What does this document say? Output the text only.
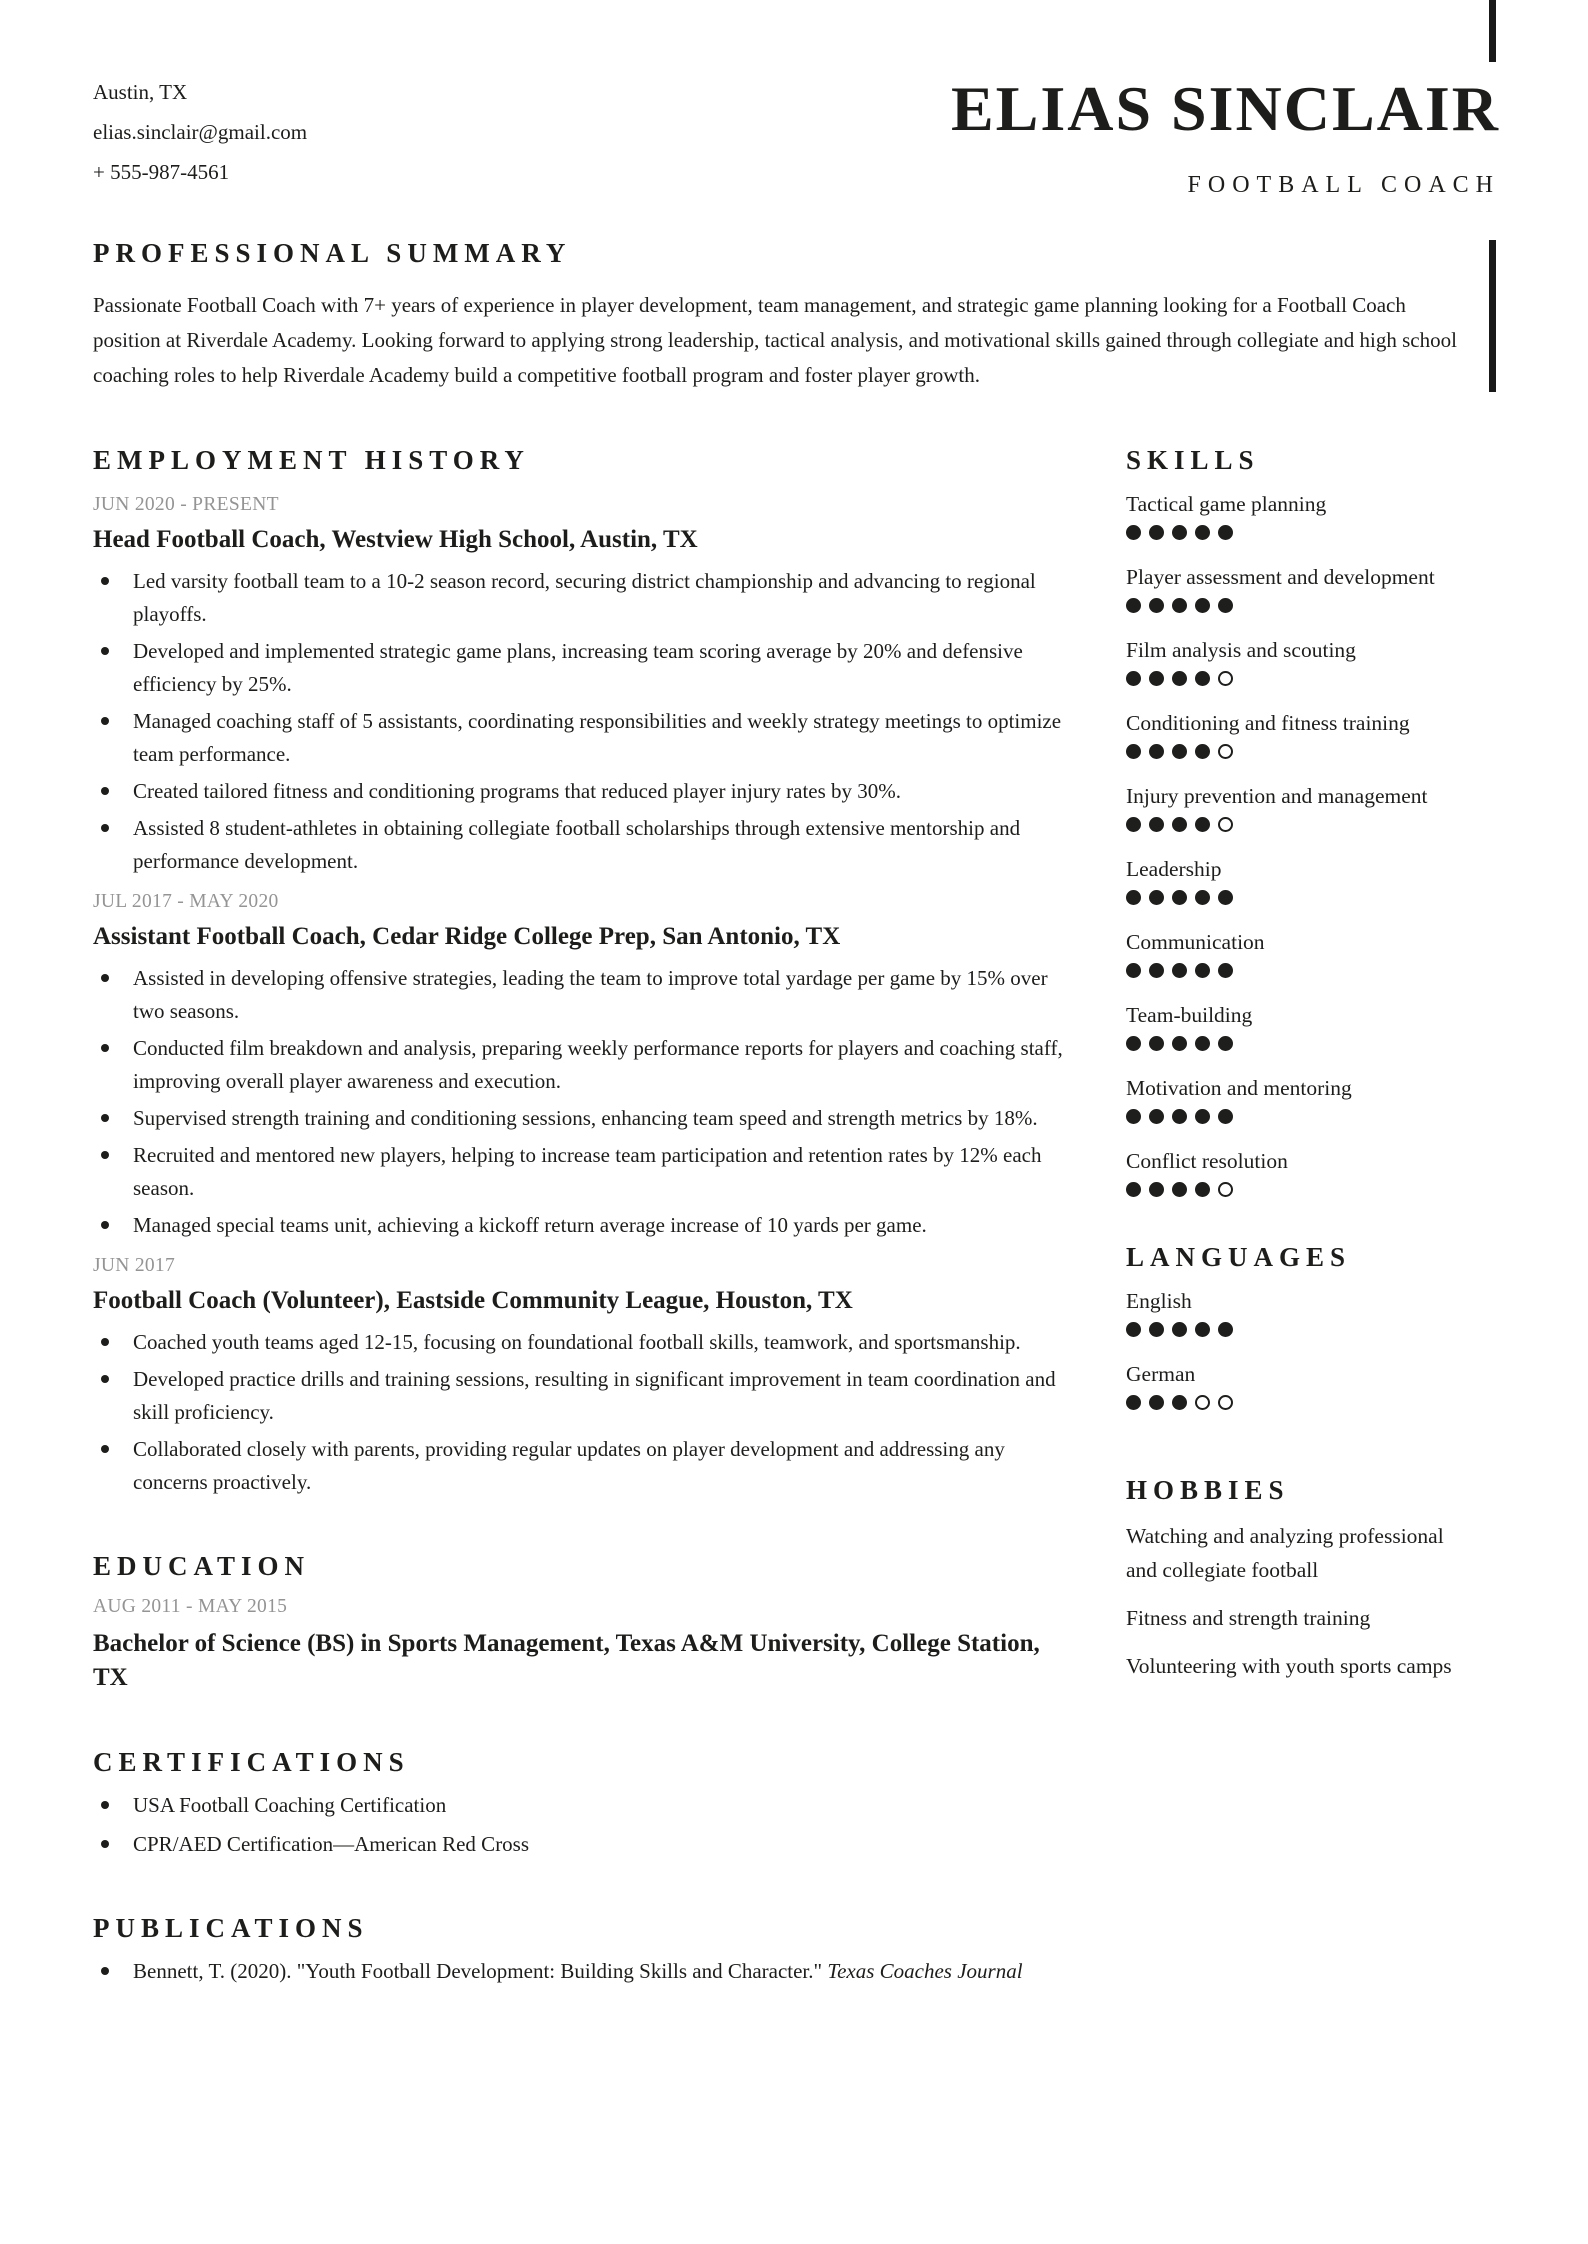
Austin, TX
elias.sinclair@gmail.com
+ 555-987-4561
ELIAS SINCLAIR
FOOTBALL COACH
PROFESSIONAL SUMMARY

Passionate Football Coach with 7+ years of experience in player development, team management, and strategic game planning looking for a Football Coach position at Riverdale Academy. Looking forward to applying strong leadership, tactical analysis, and motivational skills gained through collegiate and high school coaching roles to help Riverdale Academy build a competitive football program and foster player growth.

EMPLOYMENT HISTORY
JUN 2020 - PRESENT
Head Football Coach, Westview High School, Austin, TX
Led varsity football team to a 10-2 season record, securing district championship and advancing to regional playoffs.
Developed and implemented strategic game plans, increasing team scoring average by 20% and defensive efficiency by 25%.
Managed coaching staff of 5 assistants, coordinating responsibilities and weekly strategy meetings to optimize team performance.
Created tailored fitness and conditioning programs that reduced player injury rates by 30%.
Assisted 8 student-athletes in obtaining collegiate football scholarships through extensive mentorship and performance development.
JUL 2017 - MAY 2020
Assistant Football Coach, Cedar Ridge College Prep, San Antonio, TX
Assisted in developing offensive strategies, leading the team to improve total yardage per game by 15% over two seasons.
Conducted film breakdown and analysis, preparing weekly performance reports for players and coaching staff, improving overall player awareness and execution.
Supervised strength training and conditioning sessions, enhancing team speed and strength metrics by 18%.
Recruited and mentored new players, helping to increase team participation and retention rates by 12% each season.
Managed special teams unit, achieving a kickoff return average increase of 10 yards per game.
JUN 2017
Football Coach (Volunteer), Eastside Community League, Houston, TX
Coached youth teams aged 12-15, focusing on foundational football skills, teamwork, and sportsmanship.
Developed practice drills and training sessions, resulting in significant improvement in team coordination and skill proficiency.
Collaborated closely with parents, providing regular updates on player development and addressing any concerns proactively.
EDUCATION
AUG 2011 - MAY 2015
Bachelor of Science (BS) in Sports Management, Texas A&M University, College Station, TX
CERTIFICATIONS
USA Football Coaching Certification
CPR/AED Certification—American Red Cross
PUBLICATIONS
Bennett, T. (2020). "Youth Football Development: Building Skills and Character." Texas Coaches Journal
SKILLS
Tactical game planning
Player assessment and development
Film analysis and scouting
Conditioning and fitness training
Injury prevention and management
Leadership
Communication
Team-building
Motivation and mentoring
Conflict resolution
LANGUAGES
English
German
HOBBIES
Watching and analyzing professional and collegiate football
Fitness and strength training
Volunteering with youth sports camps
